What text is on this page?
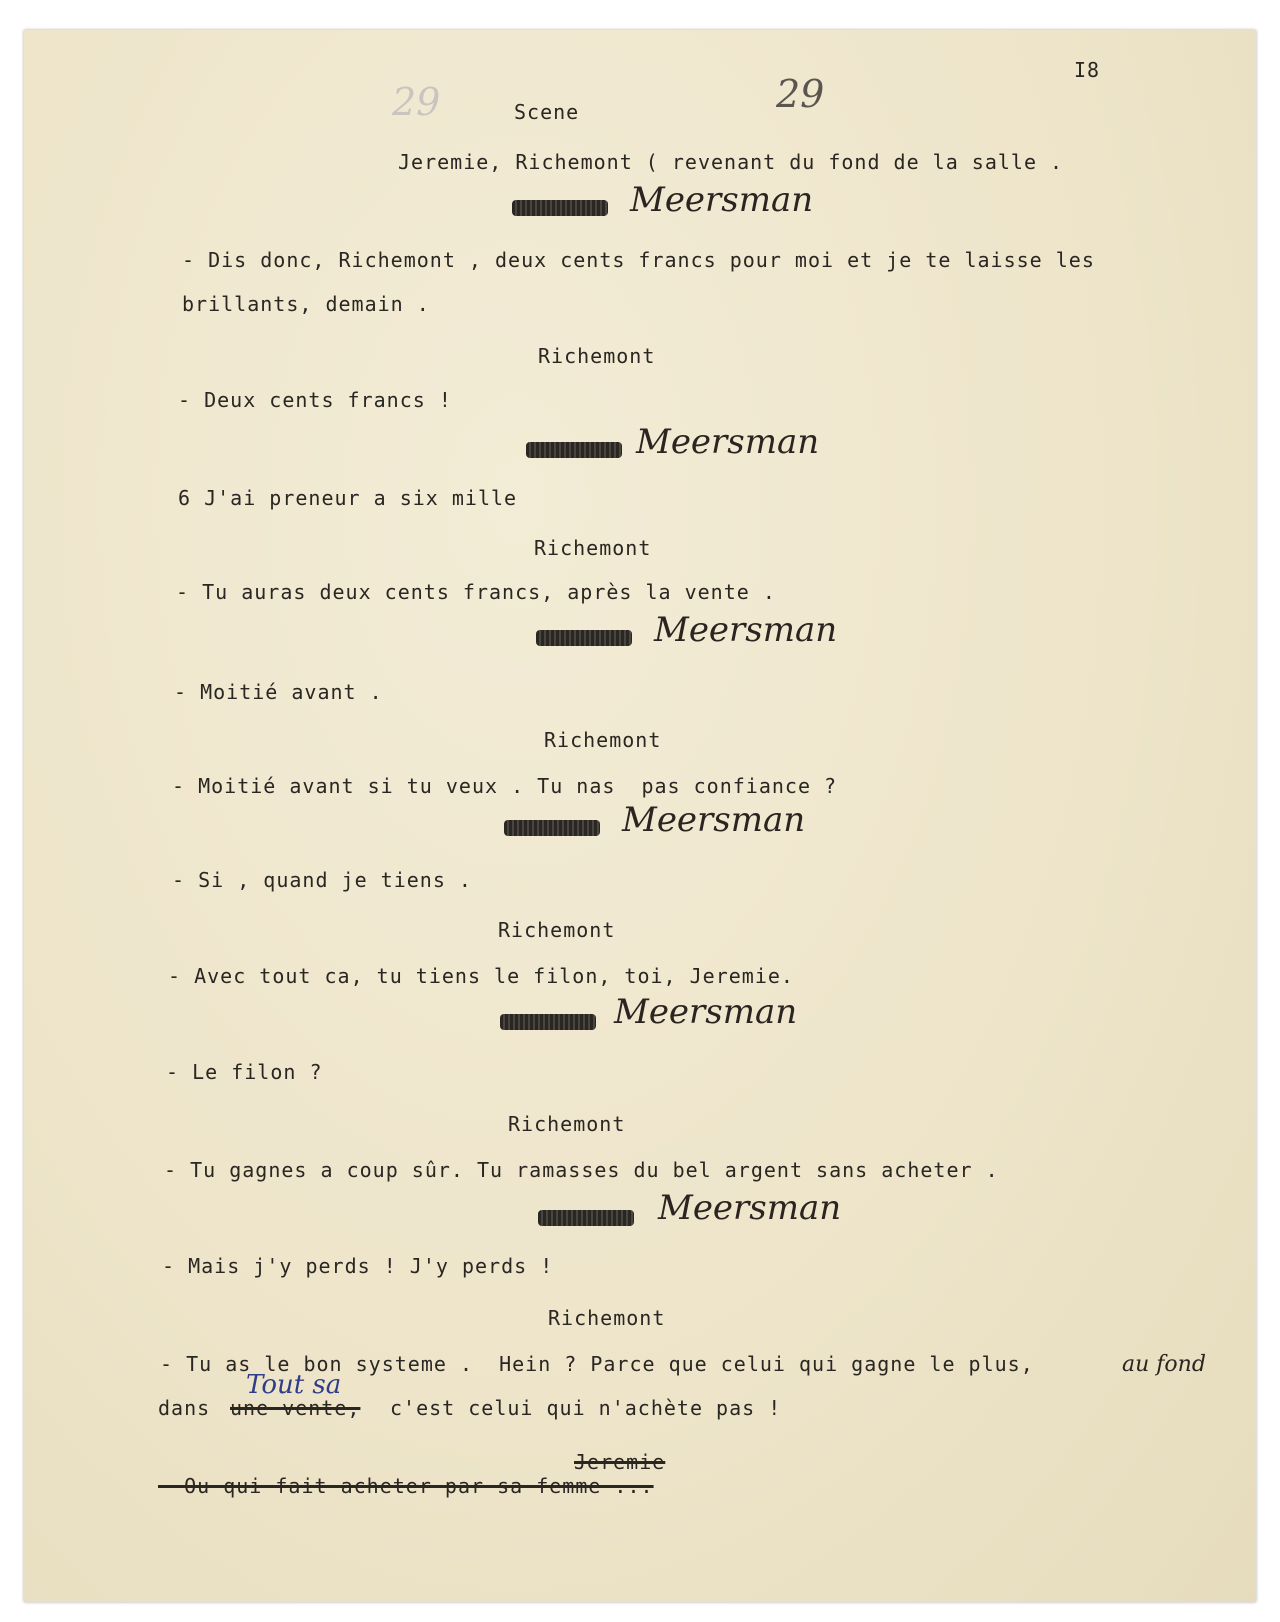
I8
29	29
Scene
Jeremie, Richemont ( revenant du fond de la salle .
Meersman
- Dis donc, Richemont , deux cents francs pour moi et je te laisse les
brillants, demain .
Richemont
- Deux cents francs !
Meersman
6 J'ai preneur a six mille
Richemont
- Tu auras deux cents francs, après la vente .
Meersman
- Moitié avant .
Richemont
- Moitié avant si tu veux . Tu nas  pas confiance ?
Meersman
- Si , quand je tiens .
Richemont
- Avec tout ca, tu tiens le filon, toi, Jeremie.
Meersman
- Le filon ?
Richemont
- Tu gagnes a coup sûr. Tu ramasses du bel argent sans acheter .
Meersman
- Mais j'y perds ! J'y perds !
Richemont
- Tu as le bon systeme .  Hein ? Parce que celui qui gagne le plus,	au fond
Tout sa
dans une vente, c'est celui qui n'achète pas !
Jeremie
- Ou qui fait acheter par sa femme ...
